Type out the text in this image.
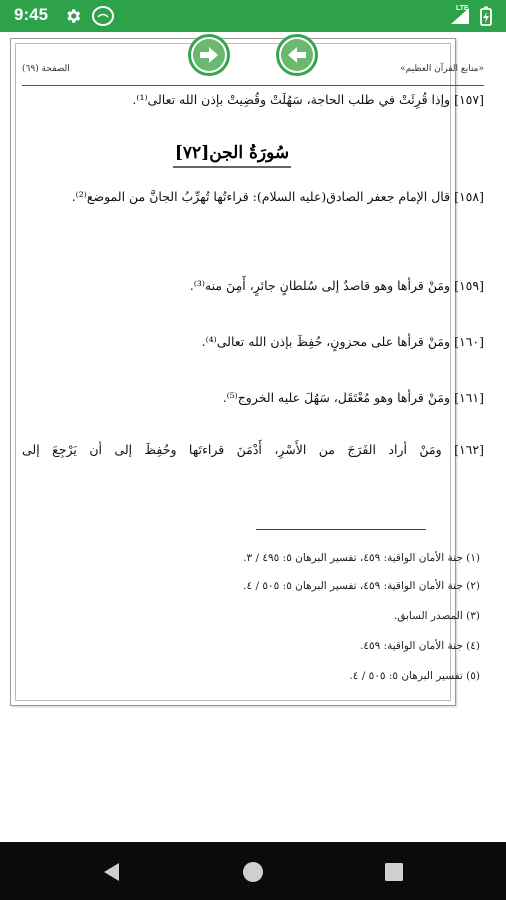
9:45	LTE
«منابع القرآن العظيم»
الصفحة (٦٩)
[١٥٧] وإذا قُرِئَتْ في طلب الحاجة، سَهُلَتْ وقُضِيتْ بإذن الله تعالى⁽¹⁾.
سُورَةُ الجن[٧٢]
[١٥٨] قال الإمام جعفر الصادق(عليه السلام): قراءتُها تُهرِّبُ الجانَّ من الموضع⁽²⁾.
[١٥٩] ومَنْ قرأها وهو قاصدٌ إلى سُلطانٍ جائرٍ، أَمِنَ منه⁽³⁾.
[١٦٠] ومَنْ قرأها على محزونٍ، حُفِظَ بإذن الله تعالى⁽⁴⁾.
[١٦١] ومَنْ قرأها وهو مُعْتَقَل، سَهُلَ عليه الخروج⁽⁵⁾.
[١٦٢] ومَنْ أراد الفَرَجَ من الأَسْرِ، أَدْمَنَ قراءتَها وحُفِظَ إلى أن يَرْجِعَ إلى
(١) جنة الأمان الواقية: ٤٥٩، تفسير البرهان ٥: ٤٩٥ / ٣.
(٢) جنة الأمان الواقية: ٤٥٩، تفسير البرهان ٥: ٥٠٥ / ٤.
(٣) المصدر السابق.
(٤) جنة الأمان الواقية: ٤٥٩.
(٥) تفسير البرهان ٥: ٥٠٥ / ٤.
